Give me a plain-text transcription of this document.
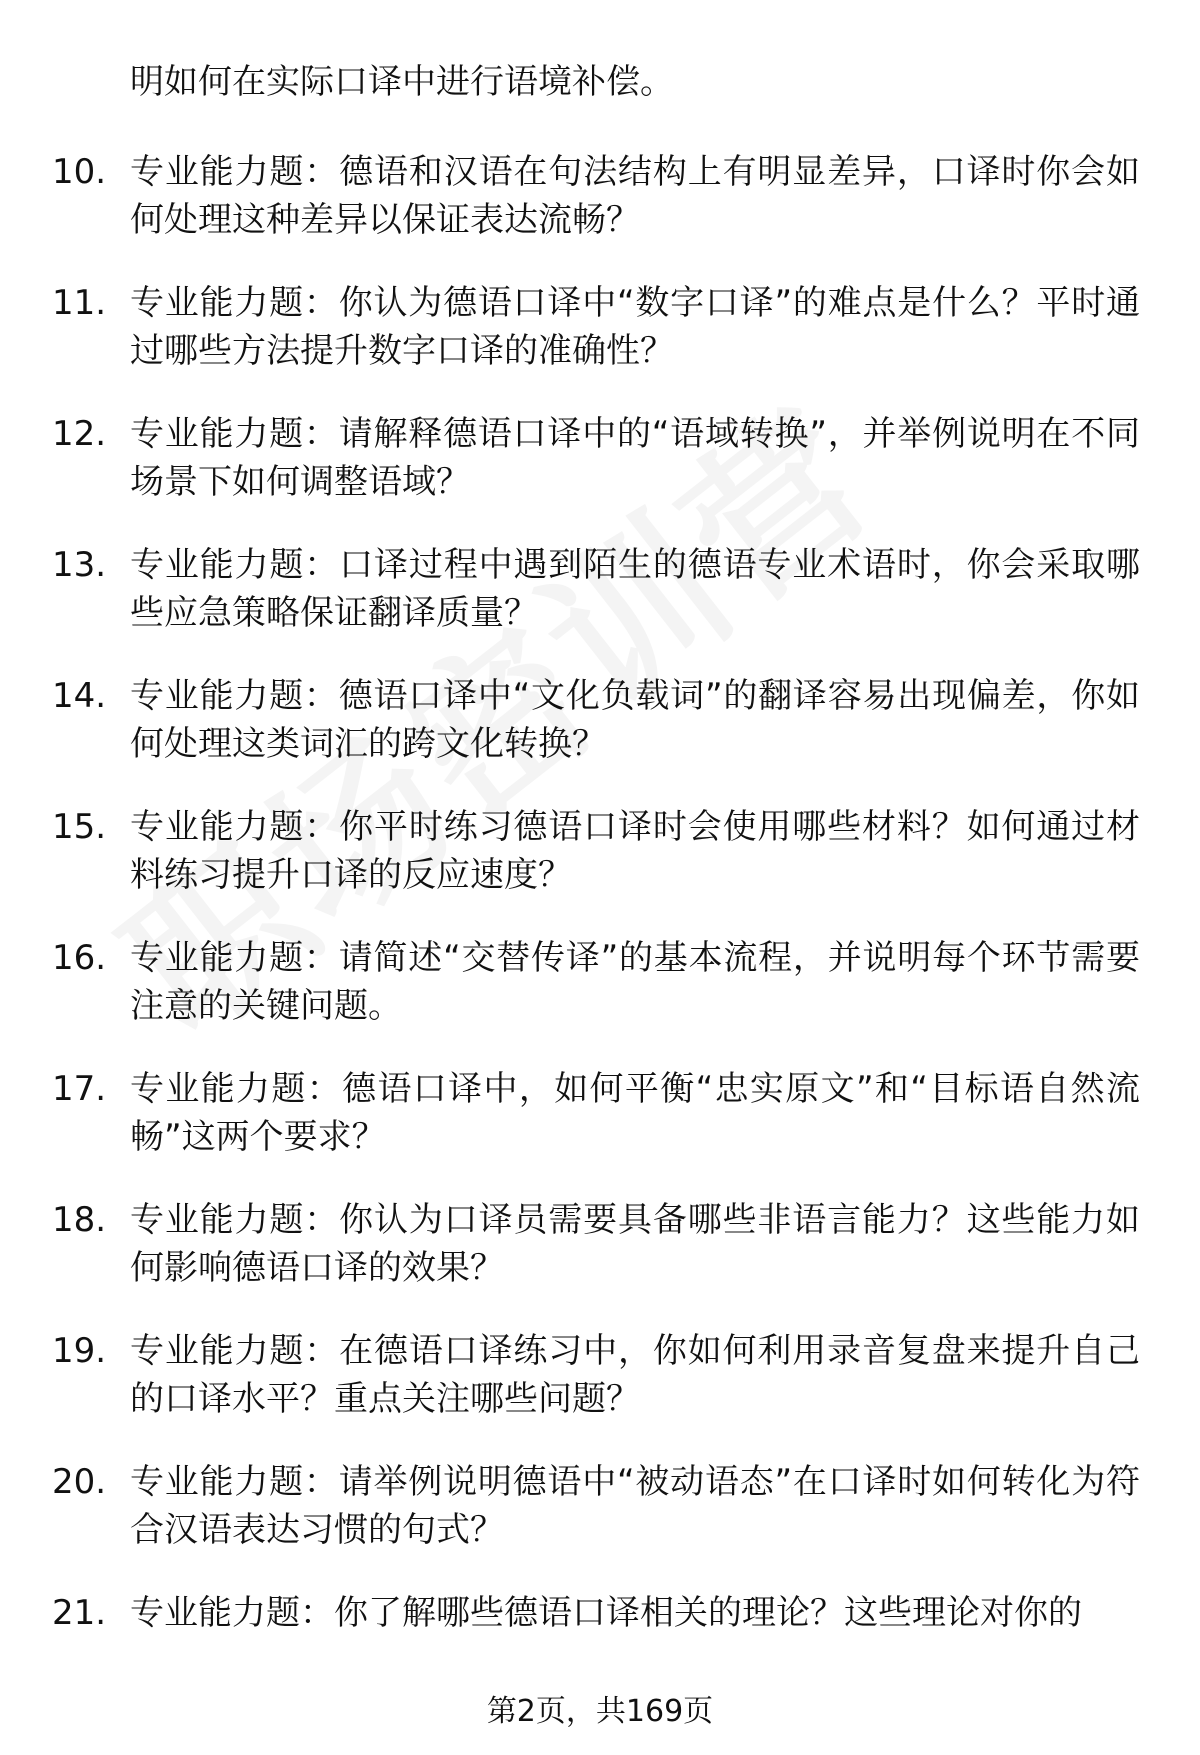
明如何在实际口译中进行语境补偿。
10. 专业能力题：德语和汉语在句法结构上有明显差异，口译时你会如何处理这种差异以保证表达流畅？
11. 专业能力题：你认为德语口译中“数字口译”的难点是什么？平时通过哪些方法提升数字口译的准确性？
12. 专业能力题：请解释德语口译中的“语域转换”，并举例说明在不同场景下如何调整语域？
13. 专业能力题：口译过程中遇到陌生的德语专业术语时，你会采取哪些应急策略保证翻译质量？
14. 专业能力题：德语口译中“文化负载词”的翻译容易出现偏差，你如何处理这类词汇的跨文化转换？
15. 专业能力题：你平时练习德语口译时会使用哪些材料？如何通过材料练习提升口译的反应速度？
16. 专业能力题：请简述“交替传译”的基本流程，并说明每个环节需要注意的关键问题。
17. 专业能力题：德语口译中，如何平衡“忠实原文”和“目标语自然流畅”这两个要求？
18. 专业能力题：你认为口译员需要具备哪些非语言能力？这些能力如何影响德语口译的效果？
19. 专业能力题：在德语口译练习中，你如何利用录音复盘来提升自己的口译水平？重点关注哪些问题？
20. 专业能力题：请举例说明德语中“被动语态”在口译时如何转化为符合汉语表达习惯的句式？
21. 专业能力题：你了解哪些德语口译相关的理论？这些理论对你的
第2页，共169页
